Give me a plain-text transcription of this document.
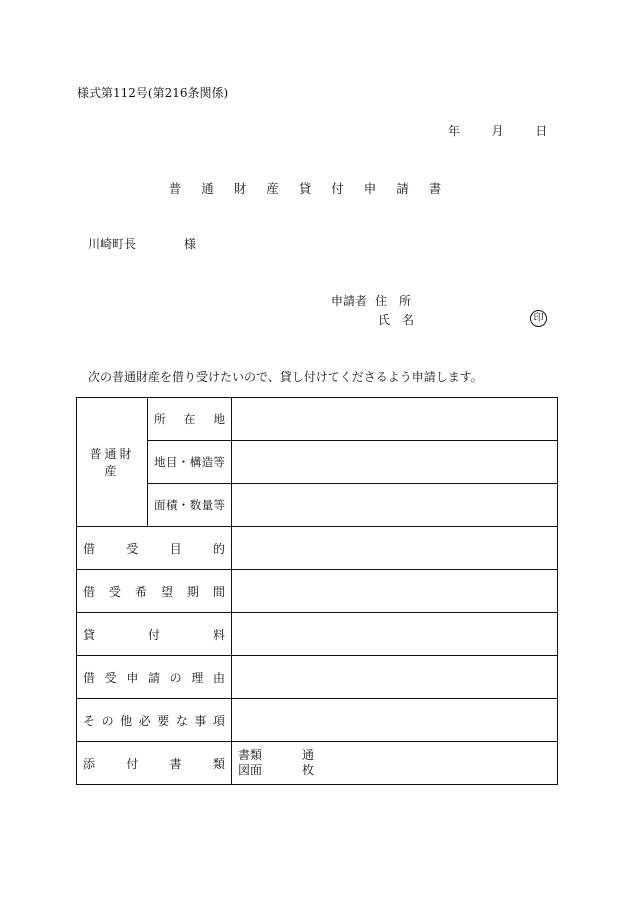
様式第112号(第216条関係)
年	月	日
普通財産貸付申請書
川崎町長	様
申請者 住　所
氏　名	印
次の普通財産を借り受けたいので、貸し付けてくださるよう申請します。
普通財産	所在地	
	地目・構造等	
	面積・数量等	
借受目的		
借受希望期間		
貸付料		
借受申請の理由		
その他必要な事項		
添付書類		書類 通
図面 枚
